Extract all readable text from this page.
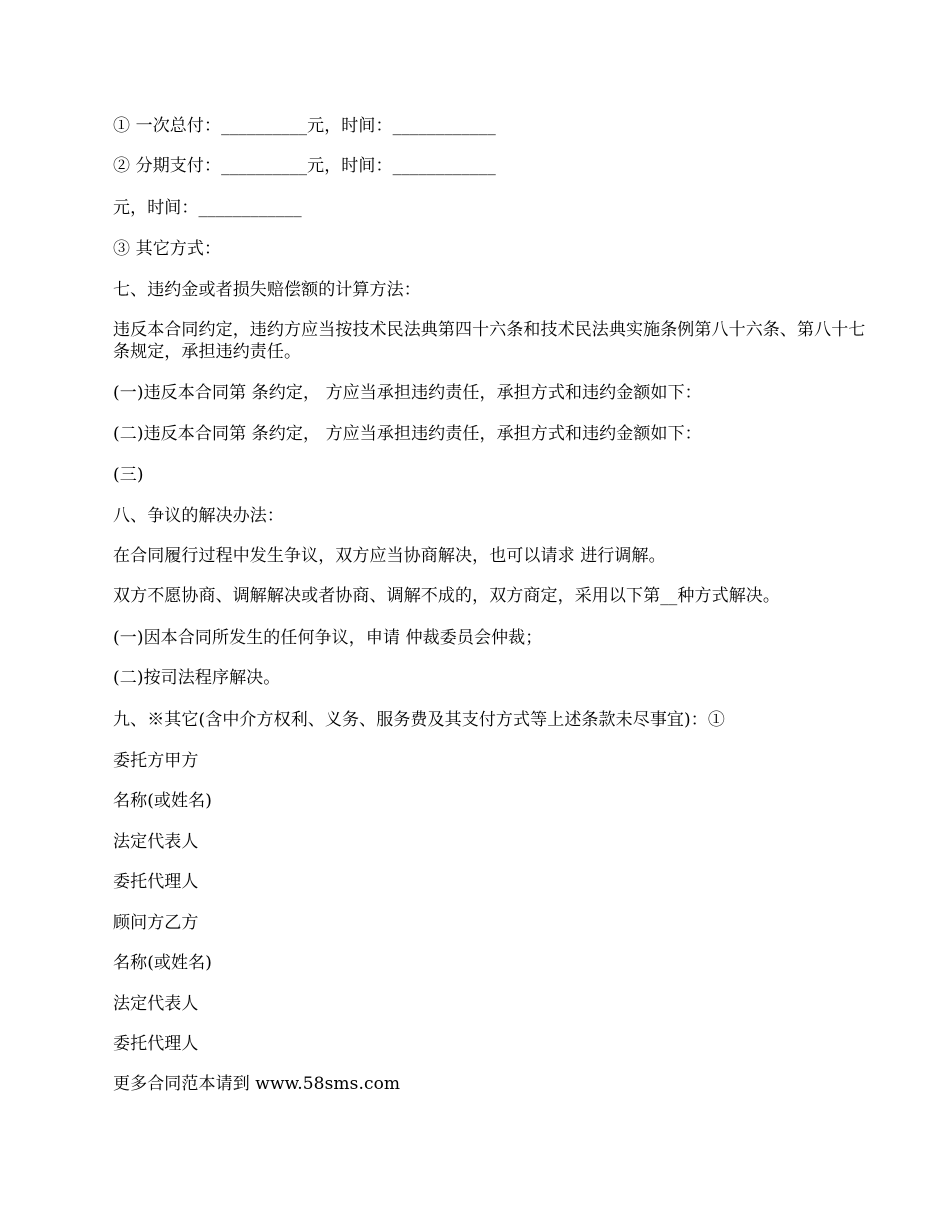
① 一次总付：__________元，时间：____________
② 分期支付：__________元，时间：____________
元，时间：____________
③ 其它方式：
七、违约金或者损失赔偿额的计算方法：
违反本合同约定，违约方应当按技术民法典第四十六条和技术民法典实施条例第八十六条、第八十七条规定，承担违约责任。
(一)违反本合同第 条约定， 方应当承担违约责任，承担方式和违约金额如下：
(二)违反本合同第 条约定， 方应当承担违约责任，承担方式和违约金额如下：
(三)
八、争议的解决办法：
在合同履行过程中发生争议，双方应当协商解决，也可以请求 进行调解。
双方不愿协商、调解解决或者协商、调解不成的，双方商定，采用以下第__种方式解决。
(一)因本合同所发生的任何争议，申请 仲裁委员会仲裁；
(二)按司法程序解决。
九、※其它(含中介方权利、义务、服务费及其支付方式等上述条款未尽事宜)：①
委托方甲方
名称(或姓名)
法定代表人
委托代理人
顾问方乙方
名称(或姓名)
法定代表人
委托代理人
更多合同范本请到 www.58sms.com
